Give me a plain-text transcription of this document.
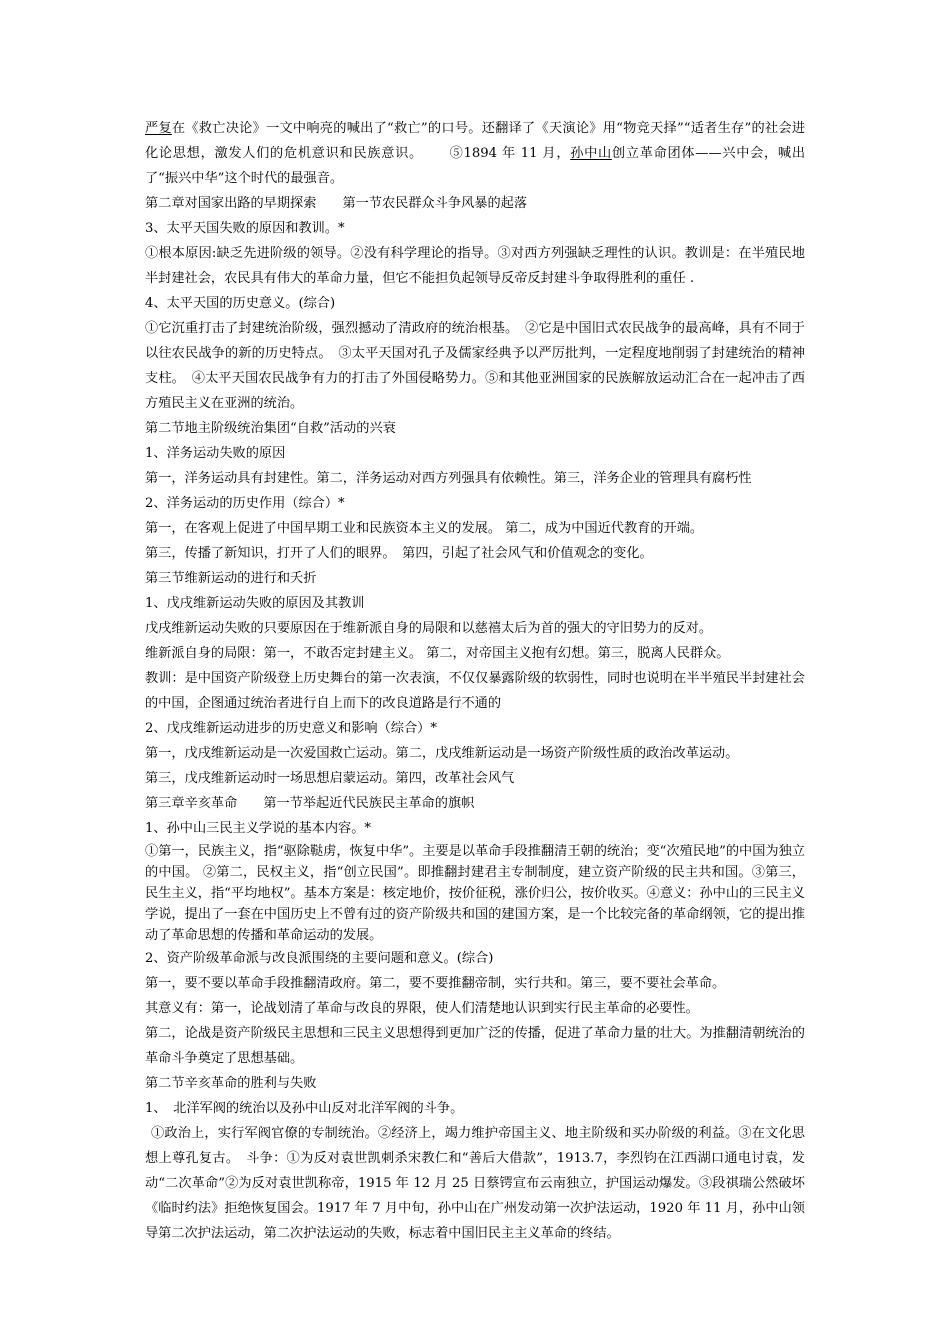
严复在《救亡决论》一文中响亮的喊出了“救亡”的口号。还翻译了《天演论》用“物竞天择”“适者生存”的社会进化论思想，激发人们的危机意识和民族意识。 ⑤1894 年 11 月，孙中山创立革命团体——兴中会，喊出了“振兴中华”这个时代的最强音。

第二章对国家出路的早期探索 第一节农民群众斗争风暴的起落

3、太平天国失败的原因和教训。*

①根本原因:缺乏先进阶级的领导。②没有科学理论的指导。③对西方列强缺乏理性的认识。教训是：在半殖民地半封建社会，农民具有伟大的革命力量，但它不能担负起领导反帝反封建斗争取得胜利的重任 .

4、太平天国的历史意义。(综合)

①它沉重打击了封建统治阶级，强烈撼动了清政府的统治根基。　②它是中国旧式农民战争的最高峰，具有不同于以往农民战争的新的历史特点。　③太平天国对孔子及儒家经典予以严厉批判，一定程度地削弱了封建统治的精神支柱。　④太平天国农民战争有力的打击了外国侵略势力。⑤和其他亚洲国家的民族解放运动汇合在一起冲击了西方殖民主义在亚洲的统治。

第二节地主阶级统治集团“自救”活动的兴衰

1、洋务运动失败的原因

第一，洋务运动具有封建性。第二，洋务运动对西方列强具有依赖性。第三，洋务企业的管理具有腐朽性

2、洋务运动的历史作用（综合）*

第一，在客观上促进了中国早期工业和民族资本主义的发展。 第二，成为中国近代教育的开端。

第三，传播了新知识，打开了人们的眼界。　第四，引起了社会风气和价值观念的变化。

第三节维新运动的进行和夭折

1、戊戌维新运动失败的原因及其教训

戊戌维新运动失败的只要原因在于维新派自身的局限和以慈禧太后为首的强大的守旧势力的反对。

维新派自身的局限：第一，不敢否定封建主义。 第二，对帝国主义抱有幻想。第三，脱离人民群众。

教训：是中国资产阶级登上历史舞台的第一次表演，不仅仅暴露阶级的软弱性，同时也说明在半半殖民半封建社会的中国，企图通过统治者进行自上而下的改良道路是行不通的

2、戊戌维新运动进步的历史意义和影响（综合）*

第一，戊戌维新运动是一次爱国救亡运动。第二，戊戌维新运动是一场资产阶级性质的政治改革运动。

第三，戊戌维新运动时一场思想启蒙运动。第四，改革社会风气

第三章辛亥革命 第一节举起近代民族民主革命的旗帜

1、孙中山三民主义学说的基本内容。*

①第一，民族主义，指“驱除鞑虏，恢复中华”。主要是以革命手段推翻清王朝的统治；变“次殖民地”的中国为独立的中国。 ②第二，民权主义，指“创立民国”。即推翻封建君主专制制度，建立资产阶级的民主共和国。③第三，民生主义，指“平均地权”。基本方案是：核定地价，按价征税，涨价归公，按价收买。④意义：孙中山的三民主义学说，提出了一套在中国历史上不曾有过的资产阶级共和国的建国方案，是一个比较完备的革命纲领，它的提出推动了革命思想的传播和革命运动的发展。

2、资产阶级革命派与改良派围绕的主要问题和意义。(综合)

第一，要不要以革命手段推翻清政府。第二，要不要推翻帝制，实行共和。第三，要不要社会革命。

其意义有：第一，论战划清了革命与改良的界限，使人们清楚地认识到实行民主革命的必要性。

第二，论战是资产阶级民主思想和三民主义思想得到更加广泛的传播，促进了革命力量的壮大。为推翻清朝统治的革命斗争奠定了思想基础。

第二节辛亥革命的胜利与失败

1、　北洋军阀的统治以及孙中山反对北洋军阀的斗争。

①政治上，实行军阀官僚的专制统治。②经济上，竭力维护帝国主义、地主阶级和买办阶级的利益。③在文化思想上尊孔复古。　斗争：①为反对袁世凯刺杀宋教仁和“善后大借款”，1913.7，李烈钧在江西湖口通电讨袁，发动“二次革命”②为反对袁世凯称帝，1915 年 12 月 25 日蔡锷宣布云南独立，护国运动爆发。③段祺瑞公然破坏《临时约法》拒绝恢复国会。1917 年 7 月中旬，孙中山在广州发动第一次护法运动，1920 年 11 月，孙中山领导第二次护法运动，第二次护法运动的失败，标志着中国旧民主主义革命的终结。
